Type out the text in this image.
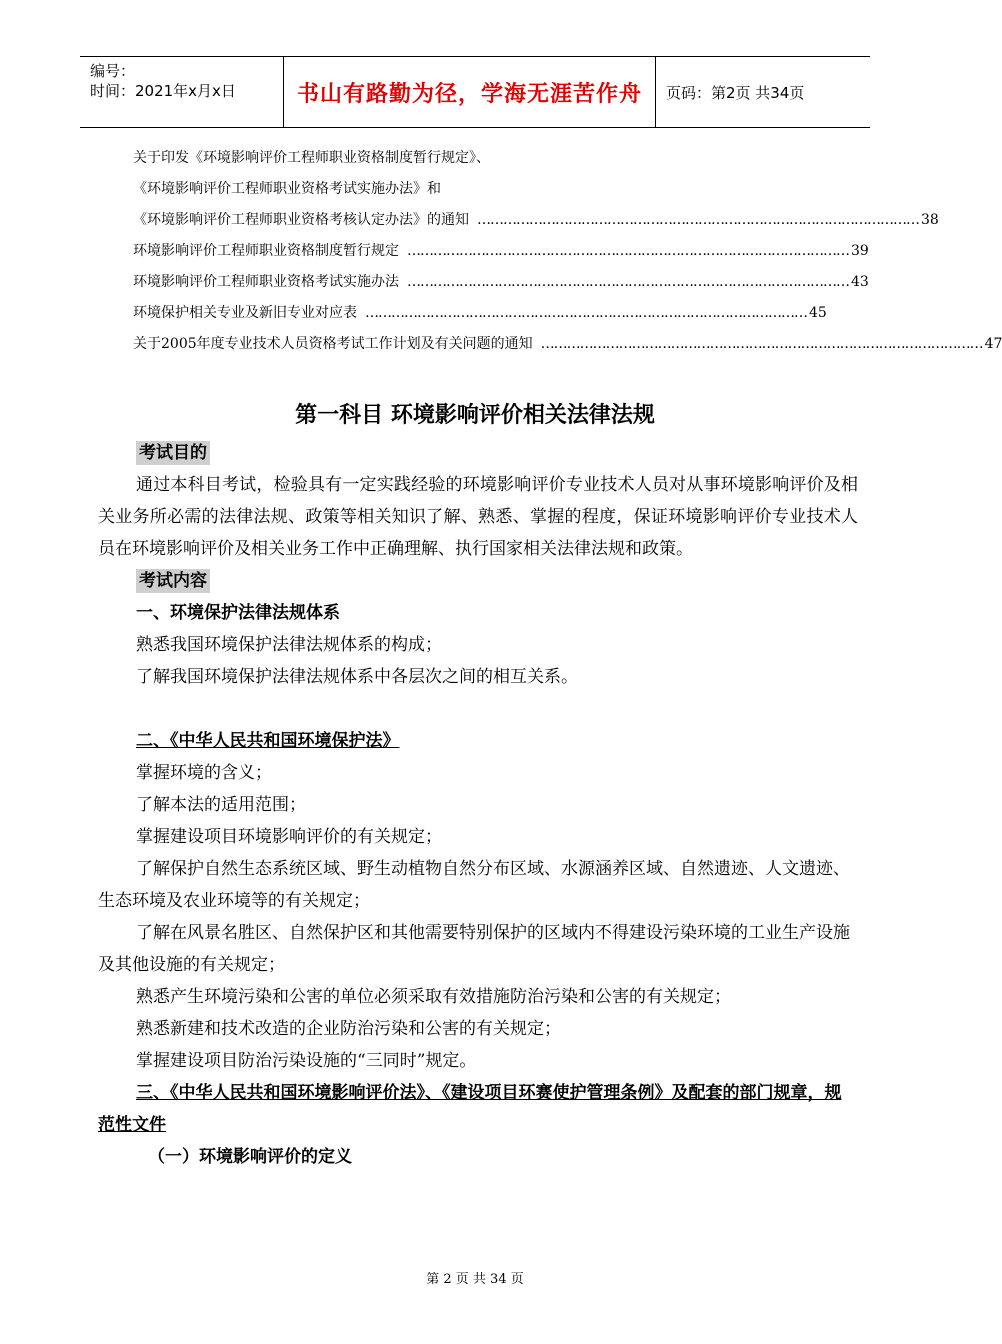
编号：
时间：2021年x月x日	书山有路勤为径，学海无涯苦作舟	页码：第2页 共34页
关于印发《环境影响评价工程师职业资格制度暂行规定》、
《环境影响评价工程师职业资格考试实施办法》和
《环境影响评价工程师职业资格考核认定办法》的通知 ………………………………………………………………………………………… 38
环境影响评价工程师职业资格制度暂行规定 ………………………………………………………………………………………… 39
环境影响评价工程师职业资格考试实施办法 ………………………………………………………………………………………… 43
环境保护相关专业及新旧专业对应表 ………………………………………………………………………………………… 45
关于2005年度专业技术人员资格考试工作计划及有关问题的通知 ………………………………………………………………………………………… 47
第一科目 环境影响评价相关法律法规
考试目的

通过本科目考试，检验具有一定实践经验的环境影响评价专业技术人员对从事环境影响评价及相关业务所必需的法律法规、政策等相关知识了解、熟悉、掌握的程度，保证环境影响评价专业技术人员在环境影响评价及相关业务工作中正确理解、执行国家相关法律法规和政策。

考试内容

一、环境保护法律法规体系

熟悉我国环境保护法律法规体系的构成；

了解我国环境保护法律法规体系中各层次之间的相互关系。

二、《中华人民共和国环境保护法》

掌握环境的含义；

了解本法的适用范围；

掌握建设项目环境影响评价的有关规定；

了解保护自然生态系统区域、野生动植物自然分布区域、水源涵养区域、自然遗迹、人文遗迹、生态环境及农业环境等的有关规定；

了解在风景名胜区、自然保护区和其他需要特别保护的区域内不得建设污染环境的工业生产设施及其他设施的有关规定；

熟悉产生环境污染和公害的单位必须采取有效措施防治污染和公害的有关规定；

熟悉新建和技术改造的企业防治污染和公害的有关规定；

掌握建设项目防治污染设施的“三同时”规定。

三、《中华人民共和国环境影响评价法》、《建设项目环赛使护管理条例》及配套的部门规章，规范性文件

（一）环境影响评价的定义

第 2 页 共 34 页
